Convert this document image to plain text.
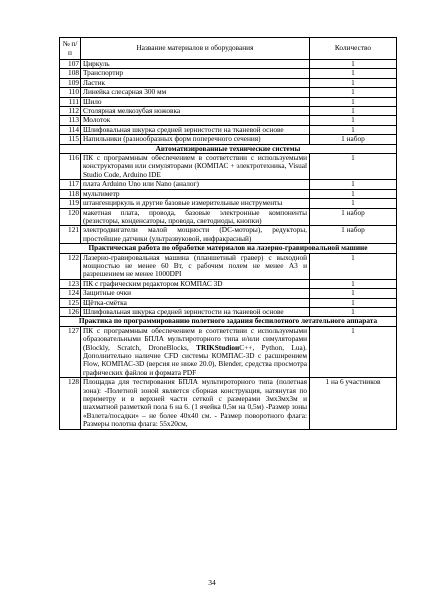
№ п/п	Название материалов и оборудования	Количество
107	Циркуль	1
108	Транспортир	1
109	Ластик	1
110	Линейка слесарная 300 мм	1
111	Шило	1
112	Столярная мелкозубая ножовка	1
113	Молоток	1
114	Шлифовальная шкурка средней зернистости на тканевой основе	1
115	Напильники (разнообразных форм поперечного сечения)	1 набор
Автоматизированные технические системы		
116	ПК с программным обеспечением в соответствии с используемыми конструкторами или симуляторами (КОМПАС + электротехника, Visual Studio Code, Arduino IDE	1
117	плата Arduino Uno или Nano (аналог)	1
118	мультиметр	1
119	штангенциркуль и другие базовые измерительные инструменты	1
120	макетная плата, провода, базовые электронные компоненты (резисторы, конденсаторы, провода, светодиоды, кнопки)	1 набор
121	электродвигатели малой мощности (DC-моторы), редукторы, простейшие датчики (ультразвуковой, инфракрасный)	1 набор
Практическая работа по обработке материалов на лазерно-гравировальной машине		
122	Лазерно-гравировальная машина (планшетный гравер) с выходной мощностью не менее 60 Вт, с рабочим полем не менее А3 и разрешением не менее 1000DPI	1
123	ПК с графическим редактором КОМПАС 3D	1
124	Защитные очки	1
125	Щётка-смётка	1
126	Шлифовальная шкурка средней зернистости на тканевой основе	1
Практика по программированию полетного задания беспилотного летательного аппарата		
127	ПК с программным обеспечением в соответствии с используемыми образовательными БПЛА мультироторного типа и/или симуляторами (Blockly, Scratch, DroneBlocks, TRIKStudioиC++, Python, Lua). Дополнительно наличие CFD системы КОМПАС-3D с расширением Flow, КОМПАС-3D (версия не ниже 20.0), Blender, средства просмотра графических файлов и формата PDF	1
128	Площадка для тестирования БПЛА мультироторного типа (полетная зона): -Полетной зоной является сборная конструкция, натянутая по периметру и в верхней части сеткой с размерами 3мх3мх3м и шахматной разметкой пола 6 на 6. (1 ячейка 0,5м на 0,5м) -Размер зоны «Взлета/посадки» – не более 40х40 см. - Размер поворотного флага: Размеры полотна флага: 55х20см,	1 на 6 участников
34
